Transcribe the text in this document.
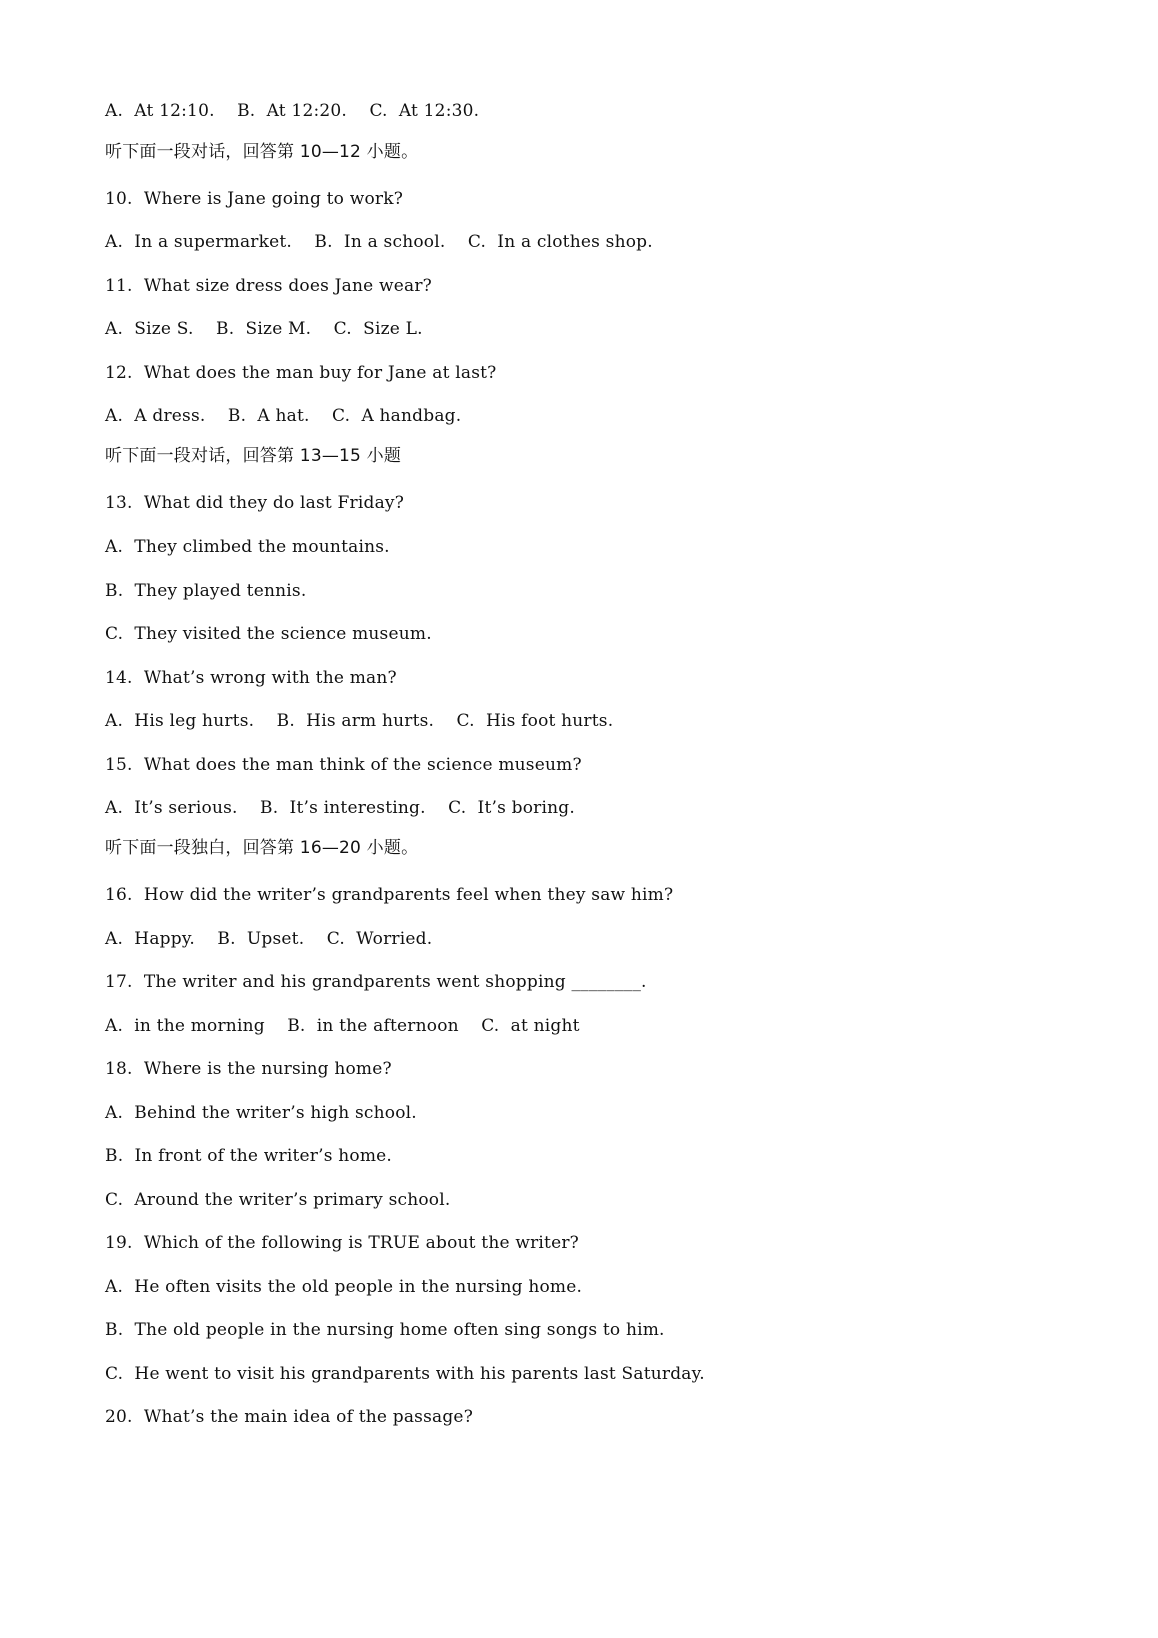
A.  At 12:10.    B.  At 12:20.    C.  At 12:30.
听下面一段对话，回答第 10—12 小题。
10.  Where is Jane going to work?
A.  In a supermarket.    B.  In a school.    C.  In a clothes shop.
11.  What size dress does Jane wear?
A.  Size S.    B.  Size M.    C.  Size L.
12.  What does the man buy for Jane at last?
A.  A dress.    B.  A hat.    C.  A handbag.
听下面一段对话，回答第 13—15 小题
13.  What did they do last Friday?
A.  They climbed the mountains.
B.  They played tennis.
C.  They visited the science museum.
14.  What’s wrong with the man?
A.  His leg hurts.    B.  His arm hurts.    C.  His foot hurts.
15.  What does the man think of the science museum?
A.  It’s serious.    B.  It’s interesting.    C.  It’s boring.
听下面一段独白，回答第 16—20 小题。
16.  How did the writer’s grandparents feel when they saw him?
A.  Happy.    B.  Upset.    C.  Worried.
17.  The writer and his grandparents went shopping ________.
A.  in the morning    B.  in the afternoon    C.  at night
18.  Where is the nursing home?
A.  Behind the writer’s high school.
B.  In front of the writer’s home.
C.  Around the writer’s primary school.
19.  Which of the following is TRUE about the writer?
A.  He often visits the old people in the nursing home.
B.  The old people in the nursing home often sing songs to him.
C.  He went to visit his grandparents with his parents last Saturday.
20.  What’s the main idea of the passage?
